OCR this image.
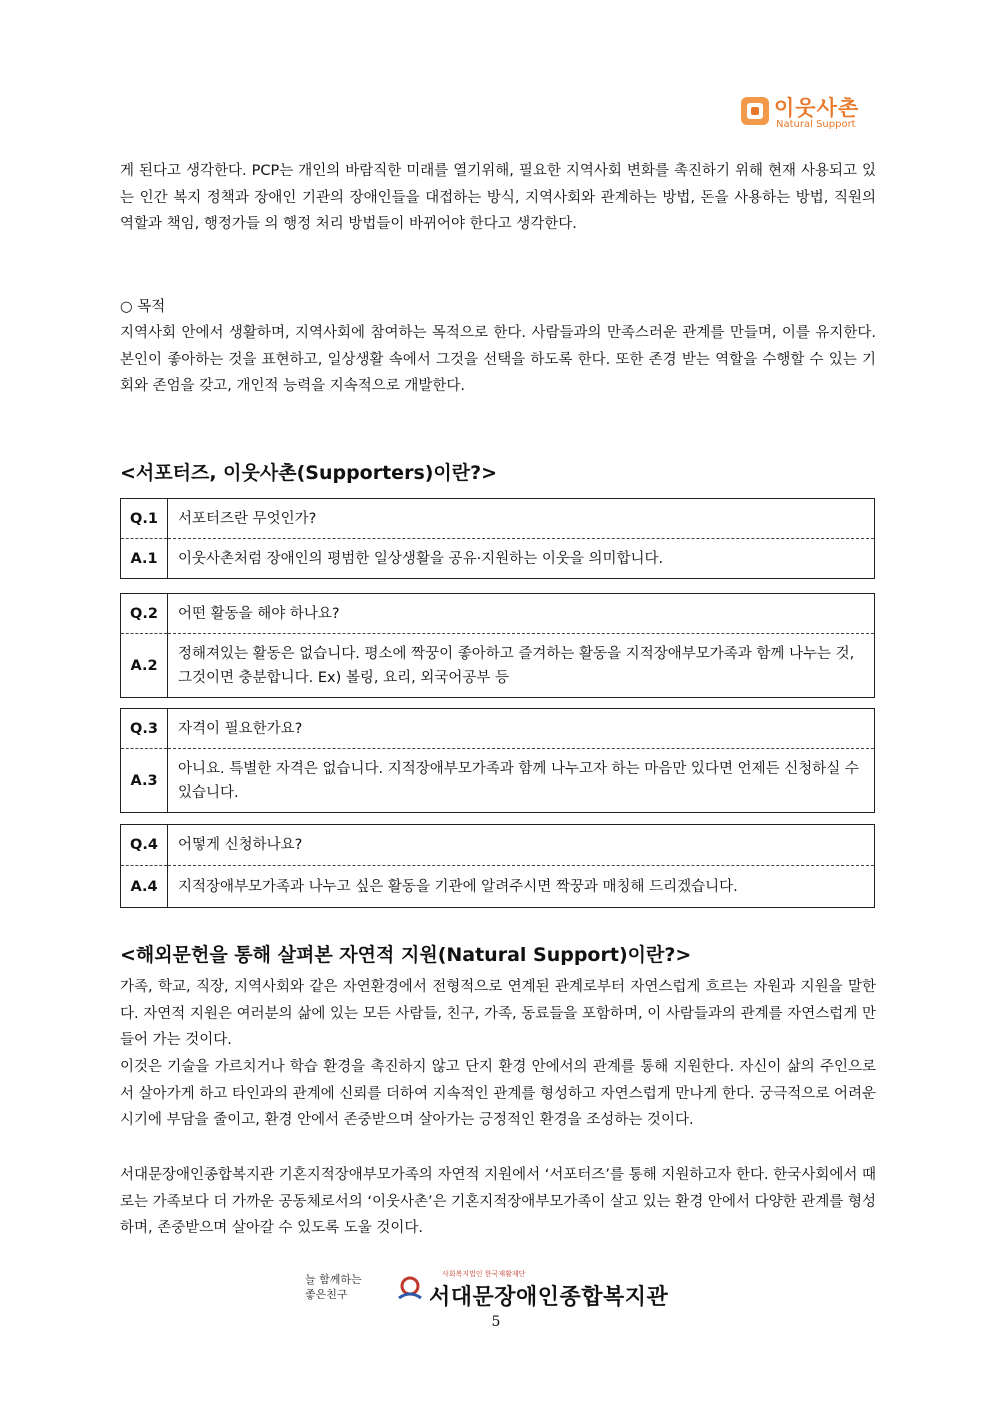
이웃사촌
Natural Support

게 된다고 생각한다. PCP는 개인의 바람직한 미래를 열기위해, 필요한 지역사회 변화를 촉진하기 위해 현재 사용되고 있는 인간 복지 정책과 장애인 기관의 장애인들을 대접하는 방식, 지역사회와 관계하는 방법, 돈을 사용하는 방법, 직원의 역할과 책임, 행정가들 의 행정 처리 방법들이 바뀌어야 한다고 생각한다.

○ 목적

지역사회 안에서 생활하며, 지역사회에 참여하는 목적으로 한다. 사람들과의 만족스러운 관계를 만들며, 이를 유지한다. 본인이 좋아하는 것을 표현하고, 일상생활 속에서 그것을 선택을 하도록 한다. 또한 존경 받는 역할을 수행할 수 있는 기회와 존엄을 갖고, 개인적 능력을 지속적으로 개발한다.

<서포터즈, 이웃사촌(Supporters)이란?>
Q.1	서포터즈란 무엇인가?
A.1	이웃사촌처럼 장애인의 평범한 일상생활을 공유·지원하는 이웃을 의미합니다.
Q.2	어떤 활동을 해야 하나요?
A.2	정해져있는 활동은 없습니다. 평소에 짝꿍이 좋아하고 즐겨하는 활동을 지적장애부모가족과 함께 나누는 것, 그것이면 충분합니다. Ex) 볼링, 요리, 외국어공부 등
Q.3	자격이 필요한가요?
A.3	아니요. 특별한 자격은 없습니다. 지적장애부모가족과 함께 나누고자 하는 마음만 있다면 언제든 신청하실 수 있습니다.
Q.4	어떻게 신청하나요?
A.4	지적장애부모가족과 나누고 싶은 활동을 기관에 알려주시면 짝꿍과 매칭해 드리겠습니다.
<해외문헌을 통해 살펴본 자연적 지원(Natural Support)이란?>

가족, 학교, 직장, 지역사회와 같은 자연환경에서 전형적으로 연계된 관계로부터 자연스럽게 흐르는 자원과 지원을 말한다. 자연적 지원은 여러분의 삶에 있는 모든 사람들, 친구, 가족, 동료들을 포함하며, 이 사람들과의 관계를 자연스럽게 만들어 가는 것이다.

이것은 기술을 가르치거나 학습 환경을 촉진하지 않고 단지 환경 안에서의 관계를 통해 지원한다. 자신이 삶의 주인으로서 살아가게 하고 타인과의 관계에 신뢰를 더하여 지속적인 관계를 형성하고 자연스럽게 만나게 한다. 궁극적으로 어려운 시기에 부담을 줄이고, 환경 안에서 존중받으며 살아가는 긍정적인 환경을 조성하는 것이다.

서대문장애인종합복지관 기혼지적장애부모가족의 자연적 지원에서 ‘서포터즈’를 통해 지원하고자 한다. 한국사회에서 때로는 가족보다 더 가까운 공동체로서의 ‘이웃사촌’은 기혼지적장애부모가족이 살고 있는 환경 안에서 다양한 관계를 형성하며, 존중받으며 살아갈 수 있도록 도울 것이다.

늘 함께하는
좋은친구
사회복지법인 한국재활재단
서대문장애인종합복지관
5
